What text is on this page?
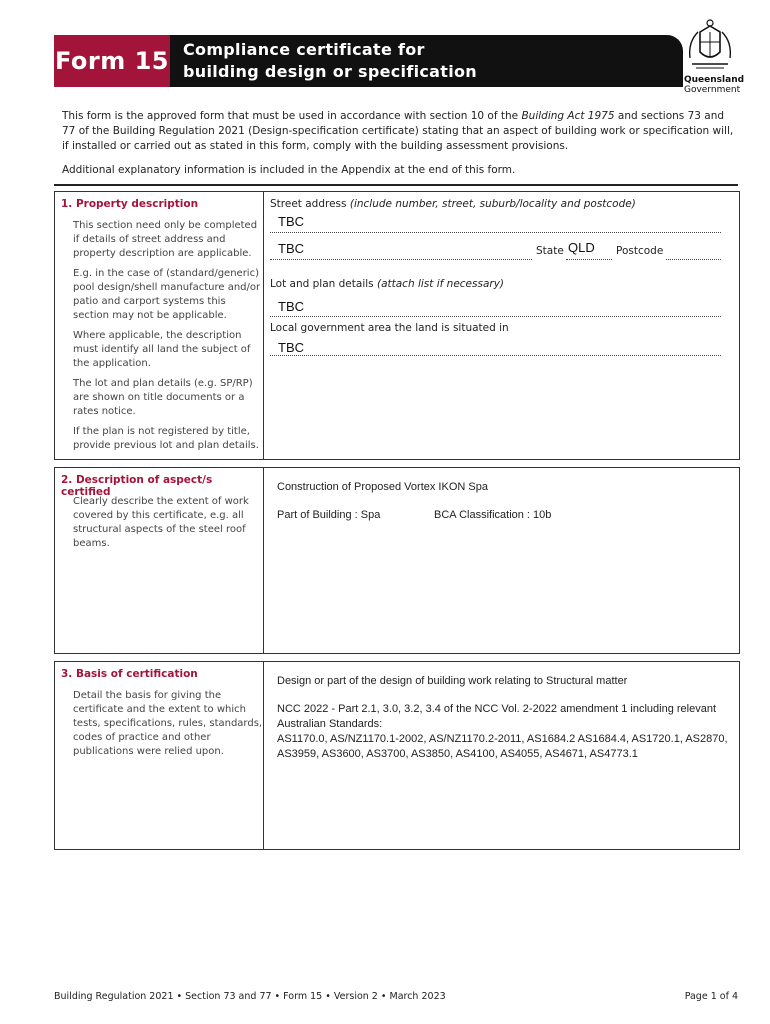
Form 15 Compliance certificate for
building design or specification	Queensland
Government

This form is the approved form that must be used in accordance with section 10 of the Building Act 1975 and sections 73 and 77 of the Building Regulation 2021 (Design-specification certificate) stating that an aspect of building work or specification will, if installed or carried out as stated in this form, comply with the building assessment provisions.

Additional explanatory information is included in the Appendix at the end of this form.

1. Property description

This section need only be completed if details of street address and property description are applicable.

E.g. in the case of (standard/generic) pool design/shell manufacture and/or patio and carport systems this section may not be applicable.

Where applicable, the description must identify all land the subject of the application.

The lot and plan details (e.g. SP/RP) are shown on title documents or a rates notice.

If the plan is not registered by title, provide previous lot and plan details.

Street address (include number, street, suburb/locality and postcode)
TBC
TBC	State QLD Postcode
Lot and plan details (attach list if necessary)
TBC
Local government area the land is situated in
TBC
2. Description of aspect/s certified

Clearly describe the extent of work covered by this certificate, e.g. all structural aspects of the steel roof beams.

Construction of Proposed Vortex IKON Spa
Part of Building : Spa	BCA Classification : 10b
3. Basis of certification

Detail the basis for giving the certificate and the extent to which tests, specifications, rules, standards, codes of practice and other publications were relied upon.

Design or part of the design of building work relating to Structural matter
NCC 2022 - Part 2.1, 3.0, 3.2, 3.4 of the NCC Vol. 2-2022 amendment 1 including relevant Australian Standards:
AS1170.0, AS/NZ1170.1-2002, AS/NZ1170.2-2011, AS1684.2 AS1684.4, AS1720.1, AS2870, AS3959, AS3600, AS3700, AS3850, AS4100, AS4055, AS4671, AS4773.1
Building Regulation 2021 • Section 73 and 77 • Form 15 • Version 2 • March 2023	Page 1 of 4
